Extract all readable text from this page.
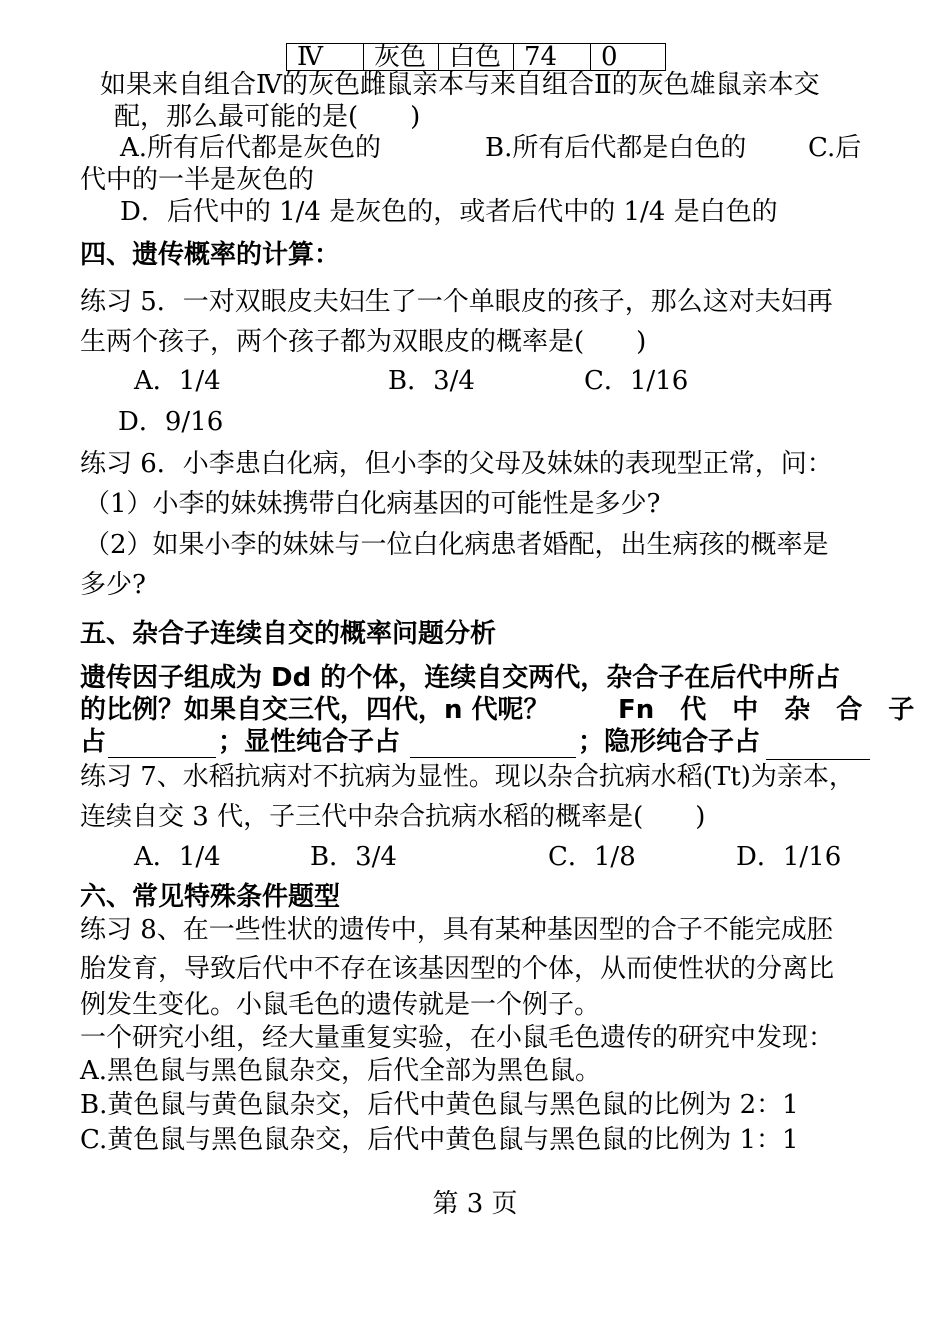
Ⅳ	灰色	白色	74	0
如果来自组合Ⅳ的灰色雌鼠亲本与来自组合Ⅱ的灰色雄鼠亲本交
配，那么最可能的是(　　)
A.所有后代都是灰色的	B.所有后代都是白色的 C.后
代中的一半是灰色的
D．后代中的 1/4 是灰色的，或者后代中的 1/4 是白色的
四、遗传概率的计算：
练习 5．一对双眼皮夫妇生了一个单眼皮的孩子，那么这对夫妇再
生两个孩子，两个孩子都为双眼皮的概率是(　　)
A．1/4	B．3/4	C．1/16
D．9/16
练习 6．小李患白化病，但小李的父母及妹妹的表现型正常，问：
（1）小李的妹妹携带白化病基因的可能性是多少?
（2）如果小李的妹妹与一位白化病患者婚配，出生病孩的概率是
多少?
五、杂合子连续自交的概率问题分析
遗传因子组成为 Dd 的个体，连续自交两代，杂合子在后代中所占
的比例？如果自交三代，四代，n 代呢？	Fn　代　中　杂　合　子
占	；显性纯合子占	；隐形纯合子占
练习 7、水稻抗病对不抗病为显性。现以杂合抗病水稻(Tt)为亲本，
连续自交 3 代，子三代中杂合抗病水稻的概率是(　　)
A．1/4	B．3/4	C．1/8	D．1/16
六、常见特殊条件题型
练习 8、在一些性状的遗传中，具有某种基因型的合子不能完成胚
胎发育，导致后代中不存在该基因型的个体，从而使性状的分离比
例发生变化。小鼠毛色的遗传就是一个例子。
一个研究小组，经大量重复实验，在小鼠毛色遗传的研究中发现：
A.黑色鼠与黑色鼠杂交，后代全部为黑色鼠。
B.黄色鼠与黄色鼠杂交，后代中黄色鼠与黑色鼠的比例为 2：1
C.黄色鼠与黑色鼠杂交，后代中黄色鼠与黑色鼠的比例为 1：1
第 3 页
